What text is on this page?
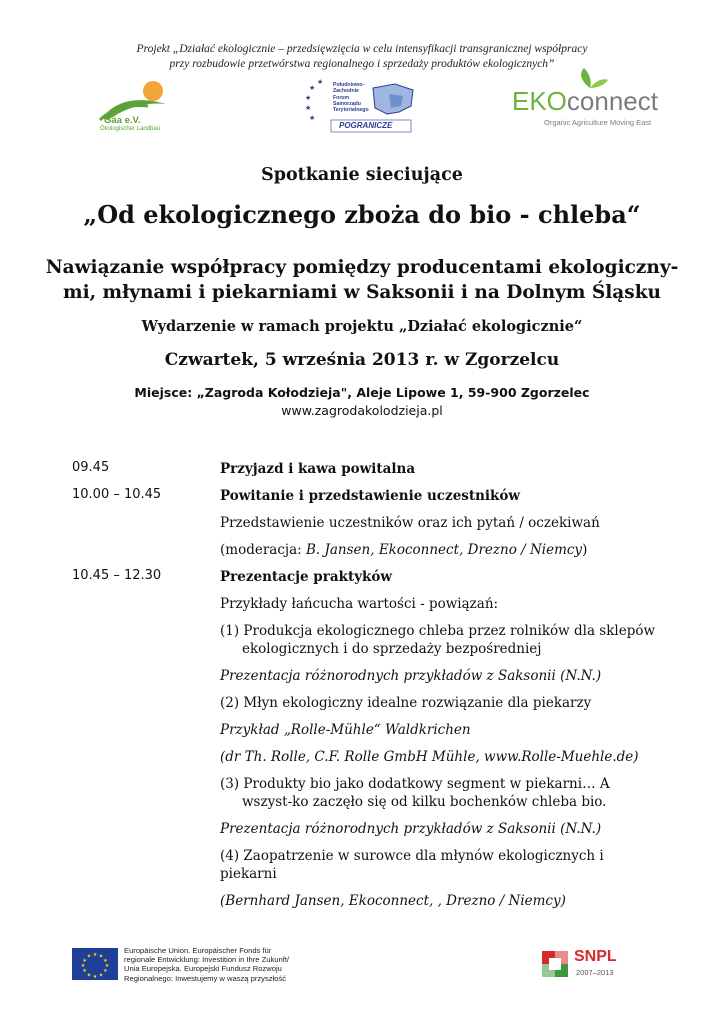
Projekt „Działać ekologicznie – przedsięwzięcia w celu intensyfikacji transgranicznej współpracy
przy rozbudowie przetwórstwa regionalnego i sprzedaży produktów ekologicznych”
Gäa e.V.
Ökologischer Landbau
★
★
★
★
★ Południowo-
Zachodnie
Forum
Samorządu
Terytorialnego
POGRANICZE
EKOconnect
Organic Agriculture Moving East
Spotkanie sieciujące
„Od ekologicznego zboża do bio - chleba“
Nawiązanie współpracy pomiędzy producentami ekologiczny-
mi, młynami i piekarniami w Saksonii i na Dolnym Śląsku
Wydarzenie w ramach projektu „Działać ekologicznie“
Czwartek, 5 września 2013 r. w Zgorzelcu
Miejsce: „Zagroda Kołodzieja", Aleje Lipowe 1, 59-900 Zgorzelec
www.zagrodakolodzieja.pl
09.45	Przyjazd i kawa powitalna
10.00 – 10.45	Powitanie i przedstawienie uczestników
Przedstawienie uczestników oraz ich pytań / oczekiwań
(moderacja: B. Jansen, Ekoconnect, Drezno / Niemcy)
10.45 – 12.30	Prezentacje praktyków
Przykłady łańcucha wartości - powiązań:
(1) Produkcja ekologicznego chleba przez rolników dla sklepów ekologicznych i do sprzedaży bezpośredniej
Prezentacja różnorodnych przykładów z Saksonii (N.N.)
(2) Młyn ekologiczny idealne rozwiązanie dla piekarzy
Przykład „Rolle-Mühle“ Waldkrichen
(dr Th. Rolle, C.F. Rolle GmbH Mühle, www.Rolle-Muehle.de)
(3) Produkty bio jako dodatkowy segment w piekarni… A wszyst-ko zaczęło się od kilku bochenków chleba bio.
Prezentacja różnorodnych przykładów z Saksonii (N.N.)
(4) Zaopatrzenie w surowce dla młynów ekologicznych i piekarni
(Bernhard Jansen, Ekoconnect, , Drezno / Niemcy)
★ ★
★
★
★
★
★
★
★
★
★
★
Europäische Union. Europäischer Fonds für
regionale Entwicklung: Investition in Ihre Zukunft/
Unia Europejska. Europejski Fundusz Rozwoju
Regionalnego: Inwestujemy w waszą przyszłość
SNPL
2007–2013
